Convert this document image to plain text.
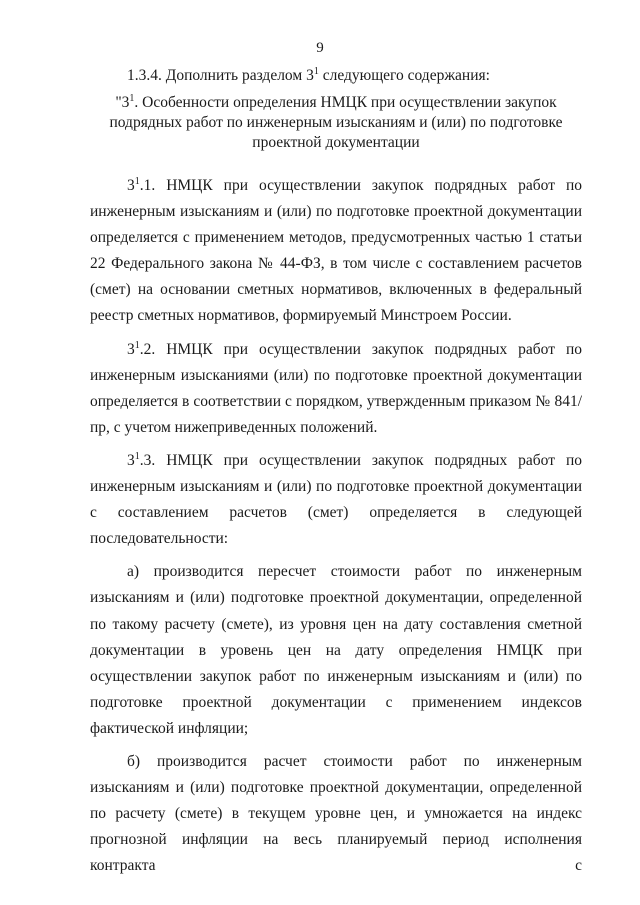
9

1.3.4. Дополнить разделом $3^1$ следующего содержания:

"$3^1$. Особенности определения НМЦК при осуществлении закупок подрядных работ по инженерным изысканиям и (или) по подготовке проектной документации

$3^1.1$. НМЦК при осуществлении закупок подрядных работ по инженерным изысканиям и (или) по подготовке проектной документации определяется с применением методов, предусмотренных частью 1 статьи 22 Федерального закона № 44-ФЗ, в том числе с составлением расчетов (смет) на основании сметных нормативов, включенных в федеральный реестр сметных нормативов, формируемый Минстроем России.

$3^1.2$. НМЦК при осуществлении закупок подрядных работ по инженерным изысканиями (или) по подготовке проектной документации определяется в соответствии с порядком, утвержденным приказом № 841/пр, с учетом нижеприведенных положений.

$3^1.3$. НМЦК при осуществлении закупок подрядных работ по инженерным изысканиям и (или) по подготовке проектной документации с составлением расчетов (смет) определяется в следующей последовательности:

а) производится пересчет стоимости работ по инженерным изысканиям и (или) подготовке проектной документации, определенной по такому расчету (смете), из уровня цен на дату составления сметной документации в уровень цен на дату определения НМЦК при осуществлении закупок работ по инженерным изысканиям и (или) по подготовке проектной документации с применением индексов фактической инфляции;

б) производится расчет стоимости работ по инженерным изысканиям и (или) подготовке проектной документации, определенной по расчету (смете) в текущем уровне цен, и умножается на индекс прогнозной инфляции на весь планируемый период исполнения контракта с
